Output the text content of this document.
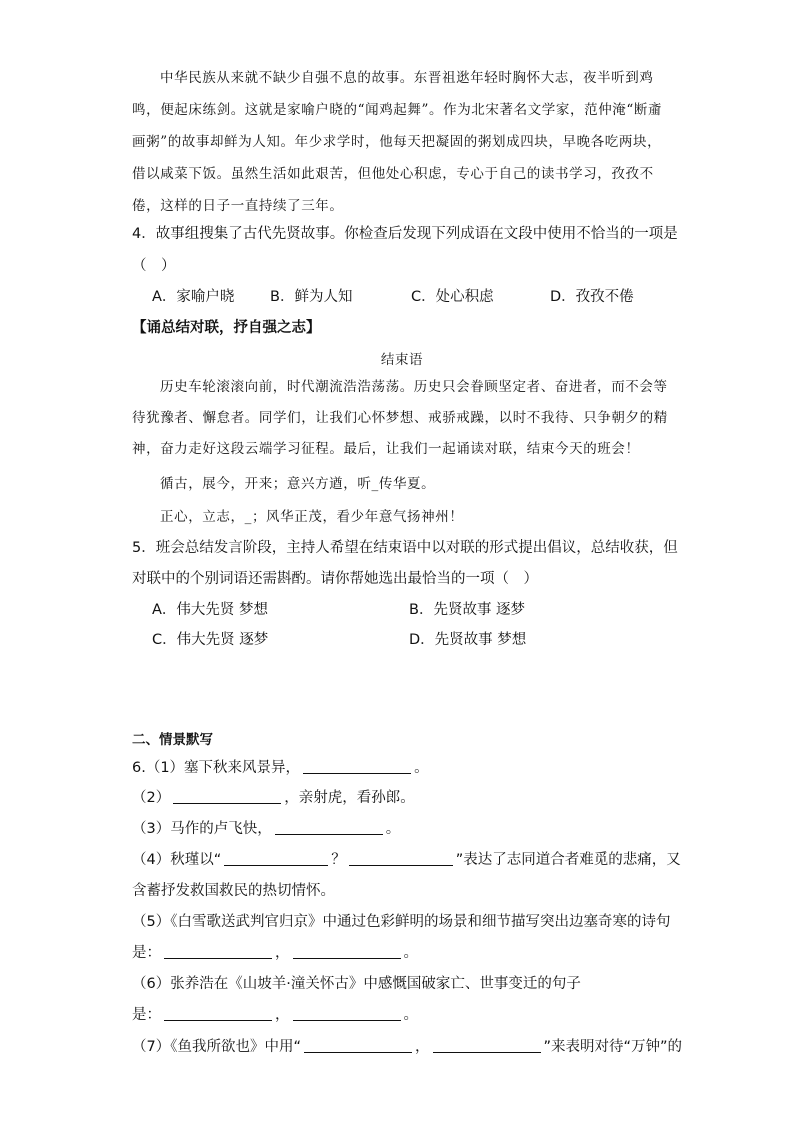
中华民族从来就不缺少自强不息的故事。东晋祖逖年轻时胸怀大志，夜半听到鸡鸣，便起床练剑。这就是家喻户晓的“闻鸡起舞”。作为北宋著名文学家，范仲淹“断齑画粥”的故事却鲜为人知。年少求学时，他每天把凝固的粥划成四块，早晚各吃两块，借以咸菜下饭。虽然生活如此艰苦，但他处心积虑，专心于自己的读书学习，孜孜不倦，这样的日子一直持续了三年。
4．故事组搜集了古代先贤故事。你检查后发现下列成语在文段中使用不恰当的一项是
（　）
A．家喻户晓 B．鲜为人知	C．处心积虑	D．孜孜不倦
【诵总结对联，抒自强之志】
结束语
历史车轮滚滚向前，时代潮流浩浩荡荡。历史只会眷顾坚定者、奋进者，而不会等待犹豫者、懈怠者。同学们，让我们心怀梦想、戒骄戒躁，以时不我待、只争朝夕的精神，奋力走好这段云端学习征程。最后，让我们一起诵读对联，结束今天的班会！
循古，展今，开来；意兴方遒，听_传华夏。
正心，立志，_；风华正茂，看少年意气扬神州！
5．班会总结发言阶段，主持人希望在结束语中以对联的形式提出倡议，总结收获，但
对联中的个别词语还需斟酌。请你帮她选出最恰当的一项（　）
A．伟大先贤 梦想	B．先贤故事 逐梦
C．伟大先贤 逐梦	D．先贤故事 梦想
二、情景默写
6.（1）塞下秋来风景异，	。
（2）	，亲射虎，看孙郎。
（3）马作的卢飞快，	。
（4）秋瑾以“	？	”表达了志同道合者难觅的悲痛，又
含蓄抒发救国救民的热切情怀。
（5）《白雪歌送武判官归京》中通过色彩鲜明的场景和细节描写突出边塞奇寒的诗句
是：	，	。
（6）张养浩在《山坡羊·潼关怀古》中感慨国破家亡、世事变迁的句子
是：	，	。
（7）《鱼我所欲也》中用“	，	”来表明对待“万钟”的
